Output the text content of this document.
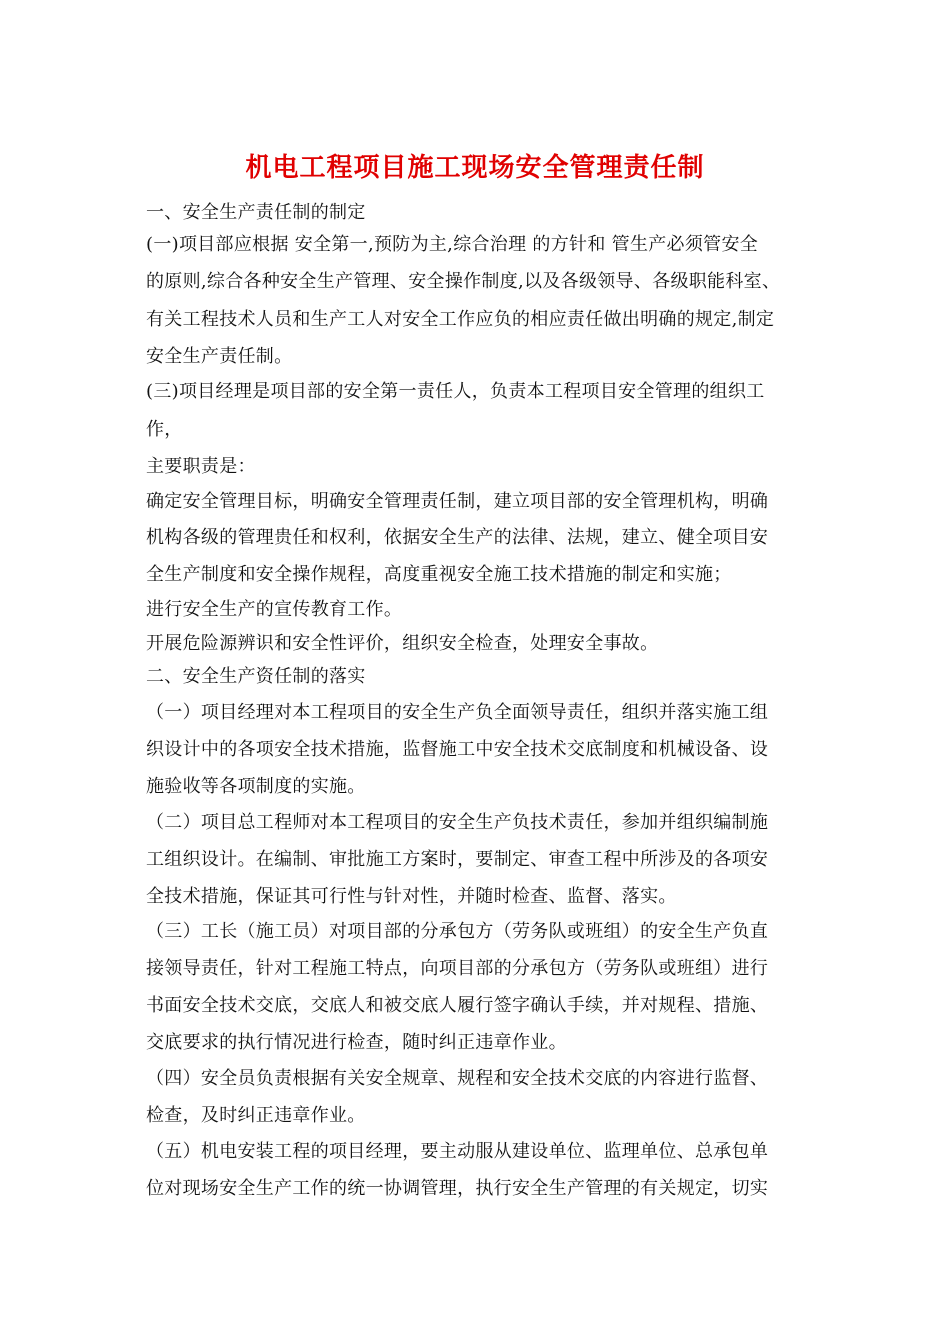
机电工程项目施工现场安全管理责任制
一、安全生产责任制的制定
(一)项目部应根据 安全第一,预防为主,综合治理 的方针和 管生产必须管安全
的原则,综合各种安全生产管理、安全操作制度,以及各级领导、各级职能科室、
有关工程技术人员和生产工人对安全工作应负的相应责任做出明确的规定,制定
安全生产责任制。
(三)项目经理是项目部的安全第一责任人，负责本工程项目安全管理的组织工
作，
主要职责是：
确定安全管理目标，明确安全管理责任制，建立项目部的安全管理机构，明确
机构各级的管理贵任和权利，依据安全生产的法律、法规，建立、健全项目安
全生产制度和安全操作规程，高度重视安全施工技术措施的制定和实施；
进行安全生产的宣传教育工作。
开展危险源辨识和安全性评价，组织安全检查，处理安全事故。
二、安全生产资任制的落实
（一）项目经理对本工程项目的安全生产负全面领导责任，组织并落实施工组
织设计中的各项安全技术措施，监督施工中安全技术交底制度和机械设备、设
施验收等各项制度的实施。
（二）项目总工程师对本工程项目的安全生产负技术责任，参加并组织编制施
工组织设计。在编制、审批施工方案时，要制定、审查工程中所涉及的各项安
全技术措施，保证其可行性与针对性，并随时检查、监督、落实。
（三）工长（施工员）对项目部的分承包方（劳务队或班组）的安全生产负直
接领导责任，针对工程施工特点，向项目部的分承包方（劳务队或班组）进行
书面安全技术交底，交底人和被交底人履行签字确认手续，并对规程、措施、
交底要求的执行情况进行检查，随时纠正违章作业。
（四）安全员负责根据有关安全规章、规程和安全技术交底的内容进行监督、
检查，及时纠正违章作业。
（五）机电安装工程的项目经理，要主动服从建设单位、监理单位、总承包单
位对现场安全生产工作的统一协调管理，执行安全生产管理的有关规定，切实
